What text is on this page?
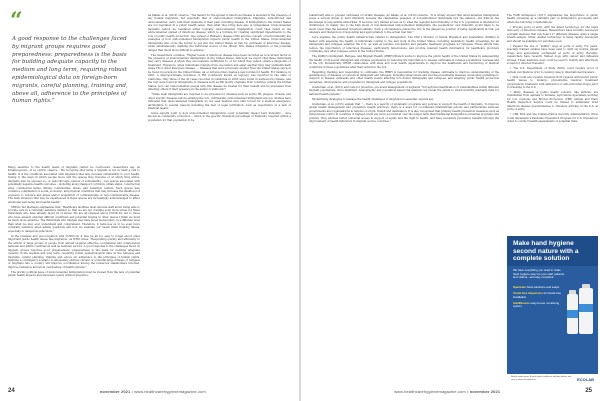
“
A good response to the challenges faced by migrant groups requires good preparedness: preparedness is the basis for building adequate capacity to the medium and long term, requiring robust epidemiological data on foreign-born migrants, careful planning, training and, above all, adherence to the principles of human rights.”

Being sensitive to the health needs of migrants cannot be overlooked, researchers say. As Kiriakoupoulos, et al. (2019) observe, “We recognise that being a migrant is not in itself a risk to health. It is the conditions associated with migration that may increase vulnerability to poor health. Owing to the ways in which people move and the spaces they traverse or at which they arrive, migrants may be exposed to—or pass through—spaces of vulnerability – key spaces associated with potentially negative health outcomes – including along transport corridors, urban slums, construction sites, commercial farms, fishing communities, mines, and detention centers. Such spaces may contain a combination of social, economic, and physical conditions that may increase the likelihood of exposure to violence and abuse and/or acquisition of communicable or non-communicable disease. The daily stressors that may be experienced in these spaces are increasingly acknowledged to affect emotional well-being and mental health.”

SHEA’s Ted Mathews emphasizes that “Healthcare facilities must educate staff about being able to provide care in a culturally sensitive manner so that we are not creating even more stress for these individuals who have already faced lot of stress. We are all stressed about COVID-19, but to those who have already endured difficult conditions and potential trauma in other places I think we must be much more sensitive. The individuals who migrate may have faced moral injury on a different level than what we may ever understand and comprehend. Therefore, it behooves us to be even more culturally sensitive when asking questions and how we evaluate our needs when treating illness, especially to dangerous infections.”

In the business and preoccupation with COVID-19, it may be all too easy to forget about other important public health issues like migration. As WHO notes, “Responding quickly and efficiently to the arrival of large groups of people from abroad requires effective coordination and collaboration between and within countries as well as between sectors. A good response to the challenges faced by migrant groups requires good preparedness: preparedness is the basis for building adequate capacity in the medium and long term, requiring robust epidemiological data on the refugees and migrants, careful planning, training and, above all, adherence to the principles of human rights. Defining a contingency scenario to adequately address current or potential large influxes of refugees or migrants into a country will improve coordination among the numerous stakeholders involved, improve resilience and avoid overloading of health systems.”

The prickly political issue of undocumented immigration must be viewed from the lens of potential public health impacts and discussed openly without prejudice.

As Dallas, et al. (2019) observe, “The hazard for the spread of infectious disease is elevated in the presence of any human migration, but especially that of undocumented immigration. Migrants, unmonitored and undocumented, carry with them elements of their past, including disease. If immigrants to the United States are not regulated in a public health sense, then what they bring here also is unregulated. Undocumented migrants cannot be regulated either logically, undocumented immigration could then result in the undocumented spread of infectious disease, which is a formula for creating significant impediments to the role of public health protection. The spread of Hansen’s disease (HD) and the concern of herd immunity are examples of how undocumented immigration impacts public health in the United States. Undocumented immigrants who cross the border to get into the United States at risk for outbreaks of infectious disease, while simultaneously masking the individual source of the threat. This makes mitigation of the potential danger that much more difficult to achieve.”

The researchers continue, “Higher levels of infectious disease have been recorded as a recurrent factor in the presence of undocumented immigration in the United States. Although we report that these individuals may carry diseases of which they are unaware, indifferent to, or for which they cannot obtain a diagnostic or treatment. Therefore, when individuals migrate from one nation and enter another they may unintentionally share TB or other infectious disease. … Diseases that were previously exempt from the United States can now be found in persons in the United States, an occurrence that creates a new burden for health. For instance, in 2007, a disproportionate incidence of HD (commonly known as leprosy) was reported in the state of California. Only three of the 45 cases recorded in California in 2003 were found in native-born citizens, and the rest were found in immigrants. If diseases such as HD mostly originate from countries outside the United States, how can undocumented people with this disease be treated for their benefit and be prevented from infecting others if their presence in the nation is unknown?”

“While legal immigrants are required to be screened for diseases such as active TB, plagues, cholera, and other specific diseases before entering the U.S., intrinsically undocumented immigrants are not. Studies have indicated that undocumented immigrants do not seek medical care until forced for a medical emergency, attributable to several reasons including the fear of legal retribution, such as deportation or a lack of financial means.

Some experts point to how undocumented immigration could potentially impact herd immunity – once known as community protection – which is the specific threshold percentage of immunity required within a population for that population to be

24	november 2021 • www.healthcarehygienemagazine.com

realistically able to prevent outbreaks of certain diseases. As Dallas, et al. (2019) observe, “It is widely argued that undocumented immigration poses a serious threat to herd immunity because the clandestine presence of non-immunized individuals tips the balance—but without the knowledge of responsible authorities. If we have very limited access as to what the regional herd immunity of the U.S. population is intended for childrenpox, in reality, due to the high levels of non-immunized undocumented immigrants, the populations’ own immunity would likely to be much lower than the assumed threshold statistic. Such a circumstance places the U.S. in the dangerous position of being significantly at risk, yet unaware and therefore not responding and appropriately to the actual real risk.”

Let’s examine the public health infrastructure related to immigration. The CDC’s Division of Global Migration and Quarantine (DGMQ) is tasked with assessing the health of individuals coming to the and work in the United States, including mandatory health screenings for all immigrants and refugees entering the U.S., as well as revenue vaccination and parasite treatment programs for refugees. These efforts help reduce the importation of infectious diseases, particularly tuberculosis, and provide relevant health information for healthcare providers continuing care after refugees arrive in the United States.

The DGMQ’s Immigrant, Refugee, and Migrant Health (IRMH) Branch works to improve the public health of the United States by safeguarding the health of US-bound immigrant and refugee populations by reducing the importation to disease outbreaks in refugee populations overseas and in the US. Domestically, IRMH collaborates with state and local health departments to improve the healthcare and monitoring of medical conditions in these populations after their arrival in the U.S.

Regarding tracking and responding to outbreaks, the IRMH is responsible for tracking disease outbreaks to improve understanding of the epidemiology of diseases of concern in immigrant and refugees, including tuberculosis and vaccine-preventable diseases; developing guidelines to respond to disease outbreaks and other health events affecting U.S.-bound immigrants and refugees; and adapting public health protection guidelines, interventions, and programs for immigrant and refugee populations.

Guzhobiak, et al. (2015) advocate for proactive, pre-event management of migrants “through the identification of vulnerabilities within different migrant populations. Once identified, demographic and population-based risk analysis can reveal the extent to which mobility gradually risks for national health systems.”

Modernizing strategies to manage the health challenges of migration is essential, experts say.

Guzhobiak, et al. (2015) explain that “… there is a paucity of systematic programs and policies to support the health of migrants. To improve global health management and preventive health practices, there is a need for coordinated international actions and partnerships between governments and organizations in nations of origin, transit and destination. It is also recognized that primary health prevention measures such as tuberculosis control in countries of highest origin are more economical over the longer term than traditional immigration screening programs and policies. They address better universal access in support of equity and the right to health, and have secondary preventive benefits through the improvement of health indicators in migrant source countries.”

The FAIR whitepaper (2017) emphasizes the importance of public health screening as a standard part of immigration processing and offers the following considerations:

• Provide ports of entry with the latest technology for the rapid discovery of infectious disease. Researchers have recently developed a breath analyzer that can detect 17 different diseases using a single breath sample. Other, similar technology is being rapidly developed and should be available for purchase soon.

• Expand the use of “sniffer” dogs at ports of entry. For years, specially trained canines have been used to sniff out bombs, illegal drugs and agricultural contraband at ports of entry. Recently, researchers have recently trained dogs with cancer and influenza viruses. These medicine dogs could be used to rapidly and effectively screen for infected travelers.

• The U.S. Department of State (DOS) could require proof of certain vaccinations prior to issuing visas to international travelers.

• DOS could also require travelers from regions with known public health issues to undergo preventative medical treatment (prophylactic treatment with antibiotics or anti-retroviral drugs) prior to traveling to the U.S.

• Many diseases of public health concern, like anthrax, are transmitted from animals to humans. Agriculture Specialists working for U.S. Customs and Border Protection (CBP) Animal and Plant Health Inspection Service could be trained to administer brief infectious disease questionnaires to travelers arriving in the U.S. at ports of entry.

• CBP, DOS and the Transportation Security Administration (TSA) could implement a Pandemic Prevention Program for U.S. travelers in order to conduct health assessments of potential risks.

Make hand hygiene second nature with a complete solution
We have everything you need to make hand hygiene easy for your staff, patients and visitors—and stay compliant:
Spectrum hand sanitizers and soaps
Touch-free dispensers for hands-free installation
IntelliSource easy-to-use monitoring system
Health made easier. Ecolab helps healthcare facilities deliver safe care in clean environments.	ECOLAB
www.healthcarehygienemagazine.com • november 2021	25
